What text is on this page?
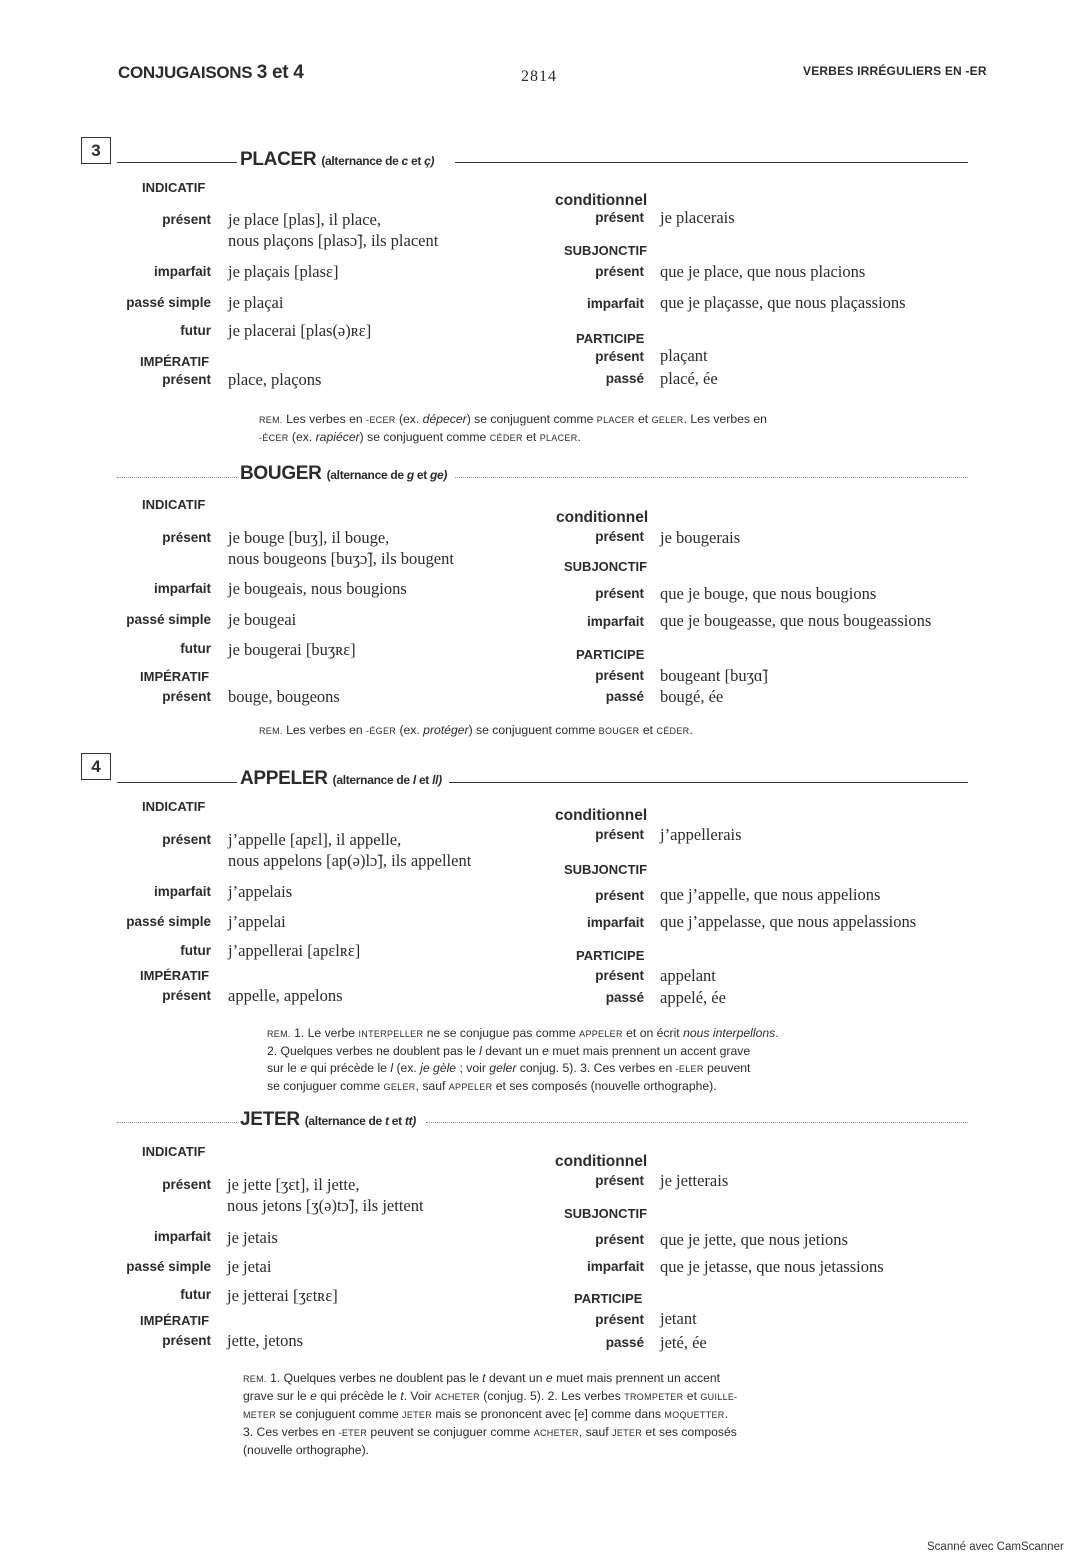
CONJUGAISONS 3 et 4	2814	VERBES IRRÉGULIERS EN -ER
3	PLACER (alternance de c et ç)
INDICATIF
présent je place [plas], il place,
nous plaçons [plasɔ̃], ils placent
imparfait je plaçais [plasɛ]
passé simple je plaçai
futur je placerai [plas(ə)ʀɛ]
IMPÉRATIF
présent place, plaçons
conditionnel
présent je placerais
SUBJONCTIF
présent que je place, que nous placions
imparfait que je plaçasse, que nous plaçassions
PARTICIPE
présent plaçant
passé placé, ée
REM. Les verbes en -ECER (ex. dépecer) se conjuguent comme PLACER et GELER. Les verbes en
-ÉCER (ex. rapiécer) se conjuguent comme CÉDER et PLACER.
BOUGER (alternance de g et ge)
INDICATIF
présent je bouge [buʒ], il bouge,
nous bougeons [buʒɔ̃], ils bougent
imparfait je bougeais, nous bougions
passé simple je bougeai
futur je bougerai [buʒʀɛ]
IMPÉRATIF
présent bouge, bougeons
conditionnel
présent je bougerais
SUBJONCTIF
présent que je bouge, que nous bougions
imparfait que je bougeasse, que nous bougeassions
PARTICIPE
présent bougeant [buʒɑ̃]
passé bougé, ée
REM. Les verbes en -ÉGER (ex. protéger) se conjuguent comme BOUGER et CÉDER.
4
APPELER (alternance de l et ll)
INDICATIF
présent j’appelle [apɛl], il appelle,
nous appelons [ap(ə)lɔ̃], ils appellent
imparfait j’appelais
passé simple j’appelai
futur j’appellerai [apɛlʀɛ]
IMPÉRATIF
présent appelle, appelons
conditionnel
présent j’appellerais
SUBJONCTIF
présent que j’appelle, que nous appelions
imparfait que j’appelasse, que nous appelassions
PARTICIPE
présent appelant
passé appelé, ée
REM. 1. Le verbe INTERPELLER ne se conjugue pas comme APPELER et on écrit nous interpellons.
2. Quelques verbes ne doublent pas le l devant un e muet mais prennent un accent grave
sur le e qui précède le l (ex. je gèle ; voir geler conjug. 5). 3. Ces verbes en -ELER peuvent
se conjuguer comme GELER, sauf APPELER et ses composés (nouvelle orthographe).
JETER (alternance de t et tt)
INDICATIF
présent je jette [ʒɛt], il jette,
nous jetons [ʒ(ə)tɔ̃], ils jettent
imparfait je jetais
passé simple je jetai
futur je jetterai [ʒɛtʀɛ]
IMPÉRATIF
présent jette, jetons
conditionnel
présent je jetterais
SUBJONCTIF
présent que je jette, que nous jetions
imparfait que je jetasse, que nous jetassions
PARTICIPE
présent jetant
passé jeté, ée
REM. 1. Quelques verbes ne doublent pas le t devant un e muet mais prennent un accent
grave sur le e qui précède le t. Voir ACHETER (conjug. 5). 2. Les verbes TROMPETER et GUILLE-
METER se conjuguent comme JETER mais se prononcent avec [e] comme dans MOQUETTER.
3. Ces verbes en -ETER peuvent se conjuguer comme ACHETER, sauf JETER et ses composés
(nouvelle orthographe).
Scanné avec CamScanner
